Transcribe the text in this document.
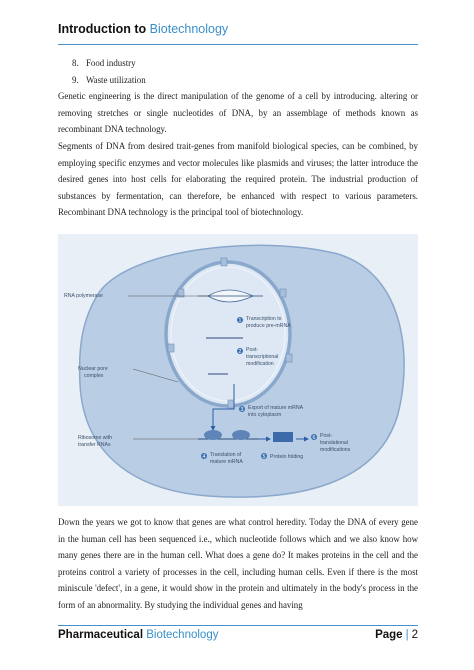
Introduction to Biotechnology
8. Food industry
9. Waste utilization

Genetic engineering is the direct manipulation of the genome of a cell by introducing. altering or removing stretches or single nucleotides of DNA, by an assemblage of methods known as recombinant DNA technology.

Segments of DNA from desired trait-genes from manifold biological species, can be combined, by employing specific enzymes and vector molecules like plasmids and viruses; the latter introduce the desired genes into host cells for elaborating the required protein. The industrial production of substances by fermentation, can therefore, be enhanced with respect to various parameters. Recombinant DNA technology is the principal tool of biotechnology.

RNA polymerase
Nuclear pore
complex
Ribosome with
transfer RNAs
1 Transcription to
produce pre-mRNA
2 Post-
transcriptional
modification
3 Export of mature mRNA
into cytoplasm
4 Translation of
mature mRNA
5 Protein folding
6 Post-
translational
modifications

Down the years we got to know that genes are what control heredity. Today the DNA of every gene in the human cell has been sequenced i.e., which nucleotide follows which and we also know how many genes there are in the human cell. What does a gene do? It makes proteins in the cell and the proteins control a variety of processes in the cell, including human cells. Even if there is the most miniscule 'defect', in a gene, it would show in the protein and ultimately in the body's process in the form of an abnormality. By studying the individual genes and having

Pharmaceutical Biotechnology	Page | 2
